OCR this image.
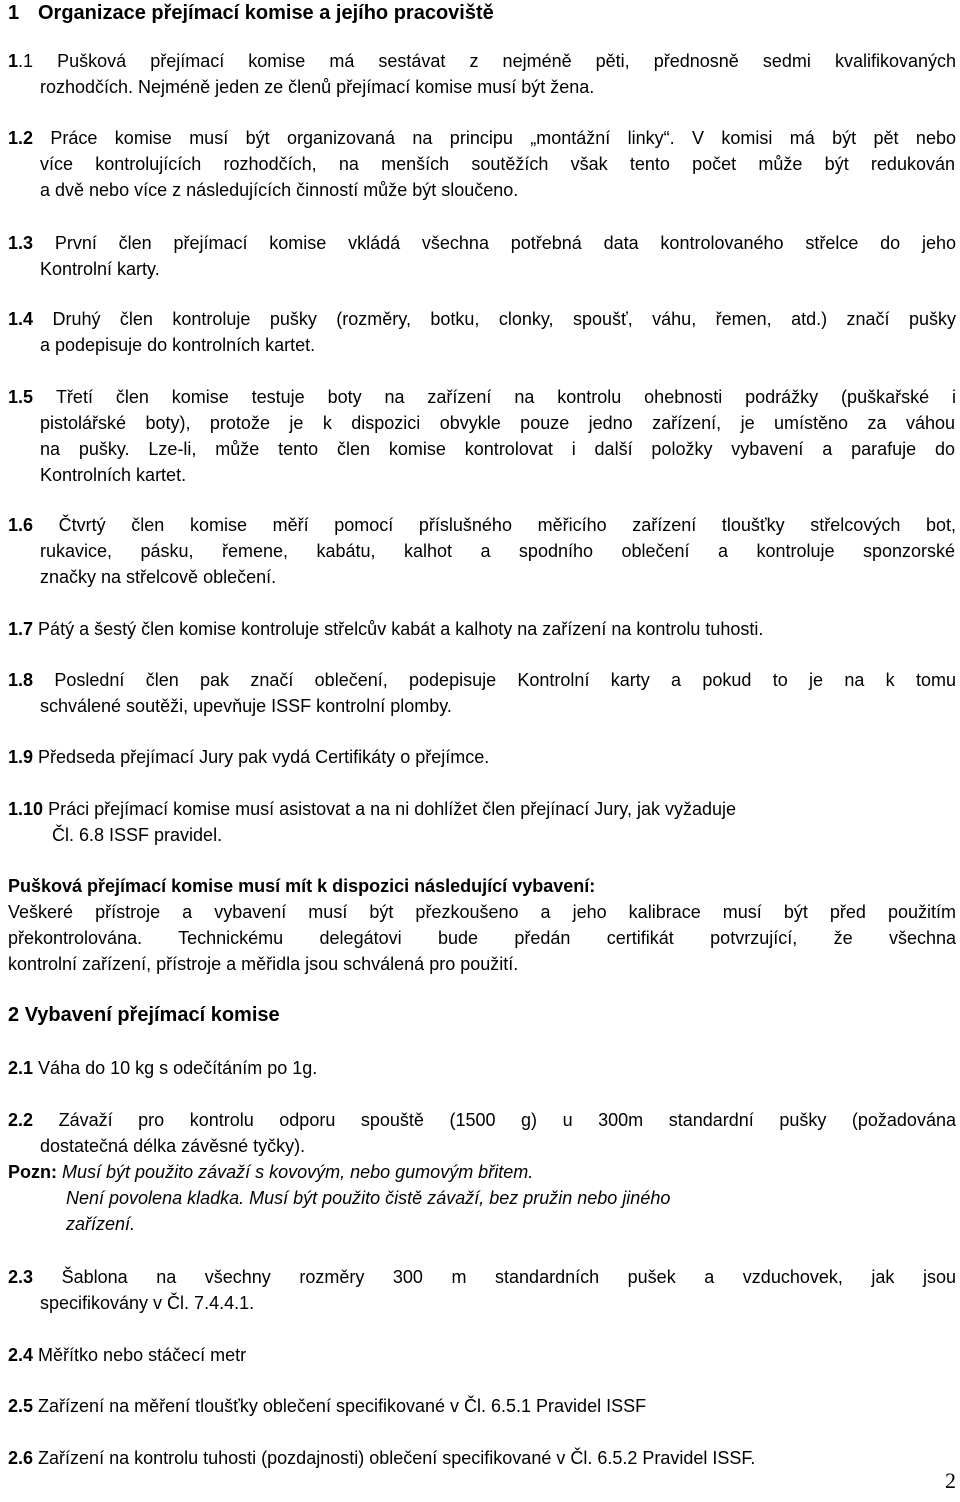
1 Organizace přejímací komise a jejího pracoviště
1.1 Pušková přejímací komise má sestávat z nejméně pěti, přednosně sedmi kvalifikovaných
rozhodčích. Nejméně jeden ze členů přejímací komise musí být žena.
1.2 Práce komise musí být organizovaná na principu „montážní linky“. V komisi má být pět nebo
více kontrolujících rozhodčích, na menších soutěžích však tento počet může být redukován
a dvě nebo více z následujících činností může být sloučeno.
1.3 První člen přejímací komise vkládá všechna potřebná data kontrolovaného střelce do jeho
Kontrolní karty.
1.4 Druhý člen kontroluje pušky (rozměry, botku, clonky, spoušť, váhu, řemen, atd.) značí pušky
a podepisuje do kontrolních kartet.
1.5 Třetí člen komise testuje boty na zařízení na kontrolu ohebnosti podrážky (puškařské i
pistolářské boty), protože je k dispozici obvykle pouze jedno zařízení, je umístěno za váhou
na pušky. Lze-li, může tento člen komise kontrolovat i další položky vybavení a parafuje do
Kontrolních kartet.
1.6 Čtvrtý člen komise měří pomocí příslušného měřicího zařízení tloušťky střelcových bot,
rukavice, pásku, řemene, kabátu, kalhot a spodního oblečení a kontroluje sponzorské
značky na střelcově oblečení.
1.7 Pátý a šestý člen komise kontroluje střelcův kabát a kalhoty na zařízení na kontrolu tuhosti.
1.8 Poslední člen pak značí oblečení, podepisuje Kontrolní karty a pokud to je na k tomu
schválené soutěži, upevňuje ISSF kontrolní plomby.
1.9 Předseda přejímací Jury pak vydá Certifikáty o přejímce.
1.10 Práci přejímací komise musí asistovat a na ni dohlížet člen přejínací Jury, jak vyžaduje
Čl. 6.8 ISSF pravidel.
Pušková přejímací komise musí mít k dispozici následující vybavení:
Veškeré přístroje a vybavení musí být přezkoušeno a jeho kalibrace musí být před použitím
překontrolována. Technickému delegátovi bude předán certifikát potvrzující, že všechna
kontrolní zařízení, přístroje a měřidla jsou schválená pro použití.
2 Vybavení přejímací komise
2.1 Váha do 10 kg s odečítáním po 1g.
2.2 Závaží pro kontrolu odporu spouště (1500 g) u 300m standardní pušky (požadována
dostatečná délka závěsné tyčky).
Pozn: Musí být použito závaží s kovovým, nebo gumovým břitem.
Není povolena kladka. Musí být použito čistě závaží, bez pružin nebo jiného
zařízení.
2.3 Šablona na všechny rozměry 300 m standardních pušek a vzduchovek, jak jsou
specifikovány v Čl. 7.4.4.1.
2.4 Měřítko nebo stáčecí metr
2.5 Zařízení na měření tloušťky oblečení specifikované v Čl. 6.5.1 Pravidel ISSF
2.6 Zařízení na kontrolu tuhosti (pozdajnosti) oblečení specifikované v Čl. 6.5.2 Pravidel ISSF.
2
